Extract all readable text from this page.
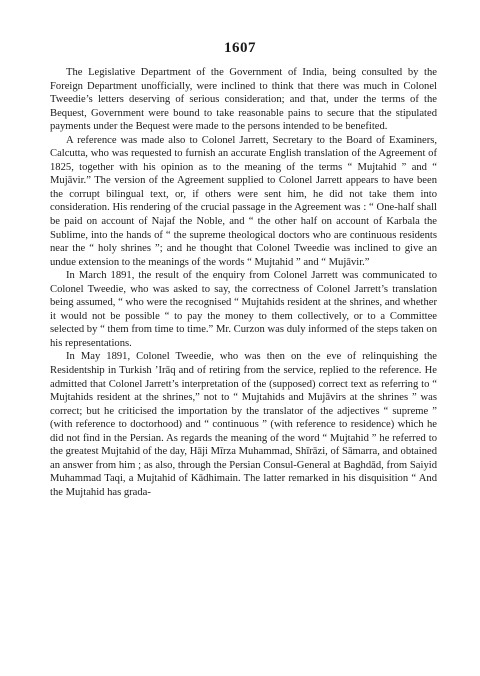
1607

The Legislative Department of the Government of India, being consulted by the Foreign Department unofficially, were inclined to think that there was much in Colonel Tweedie’s letters deserving of serious consideration; and that, under the terms of the Bequest, Government were bound to take reasonable pains to secure that the stipulated payments under the Bequest were made to the persons intended to be benefited.

A reference was made also to Colonel Jarrett, Secretary to the Board of Examiners, Calcutta, who was requested to furnish an accurate English translation of the Agreement of 1825, together with his opinion as to the meaning of the terms “ Mujtahid ” and “ Mujāvir.” The version of the Agreement supplied to Colonel Jarrett appears to have been the corrupt bilingual text, or, if others were sent him, he did not take them into consideration. His rendering of the crucial passage in the Agreement was : “ One-half shall be paid on account of Najaf the Noble, and “ the other half on account of Karbala the Sublime, into the hands of “ the supreme theological doctors who are continuous residents near the “ holy shrines ”; and he thought that Colonel Tweedie was inclined to give an undue extension to the meanings of the words “ Mujtahid ” and “ Mujāvir.”

In March 1891, the result of the enquiry from Colonel Jarrett was communicated to Colonel Tweedie, who was asked to say, the correctness of Colonel Jarrett’s translation being assumed, “ who were the recognised “ Mujtahids resident at the shrines, and whether it would not be possible “ to pay the money to them collectively, or to a Committee selected by “ them from time to time.” Mr. Curzon was duly informed of the steps taken on his representations.

In May 1891, Colonel Tweedie, who was then on the eve of relinquishing the Residentship in Turkish ’Irāq and of retiring from the service, replied to the reference. He admitted that Colonel Jarrett’s interpretation of the (supposed) correct text as referring to “ Mujtahids resident at the shrines,” not to “ Mujtahids and Mujāvirs at the shrines ” was correct; but he criticised the importation by the translator of the adjectives “ supreme ” (with reference to doctorhood) and “ continuous ” (with reference to residence) which he did not find in the Persian. As regards the meaning of the word “ Mujtahid ” he referred to the greatest Mujtahid of the day, Hāji Mīrza Muhammad, Shīrāzi, of Sāmarra, and obtained an answer from him ; as also, through the Persian Consul-General at Baghdād, from Saiyid Muhammad Taqi, a Mujtahid of Kādhimain. The latter remarked in his disquisition “ And the Mujtahid has grada-
